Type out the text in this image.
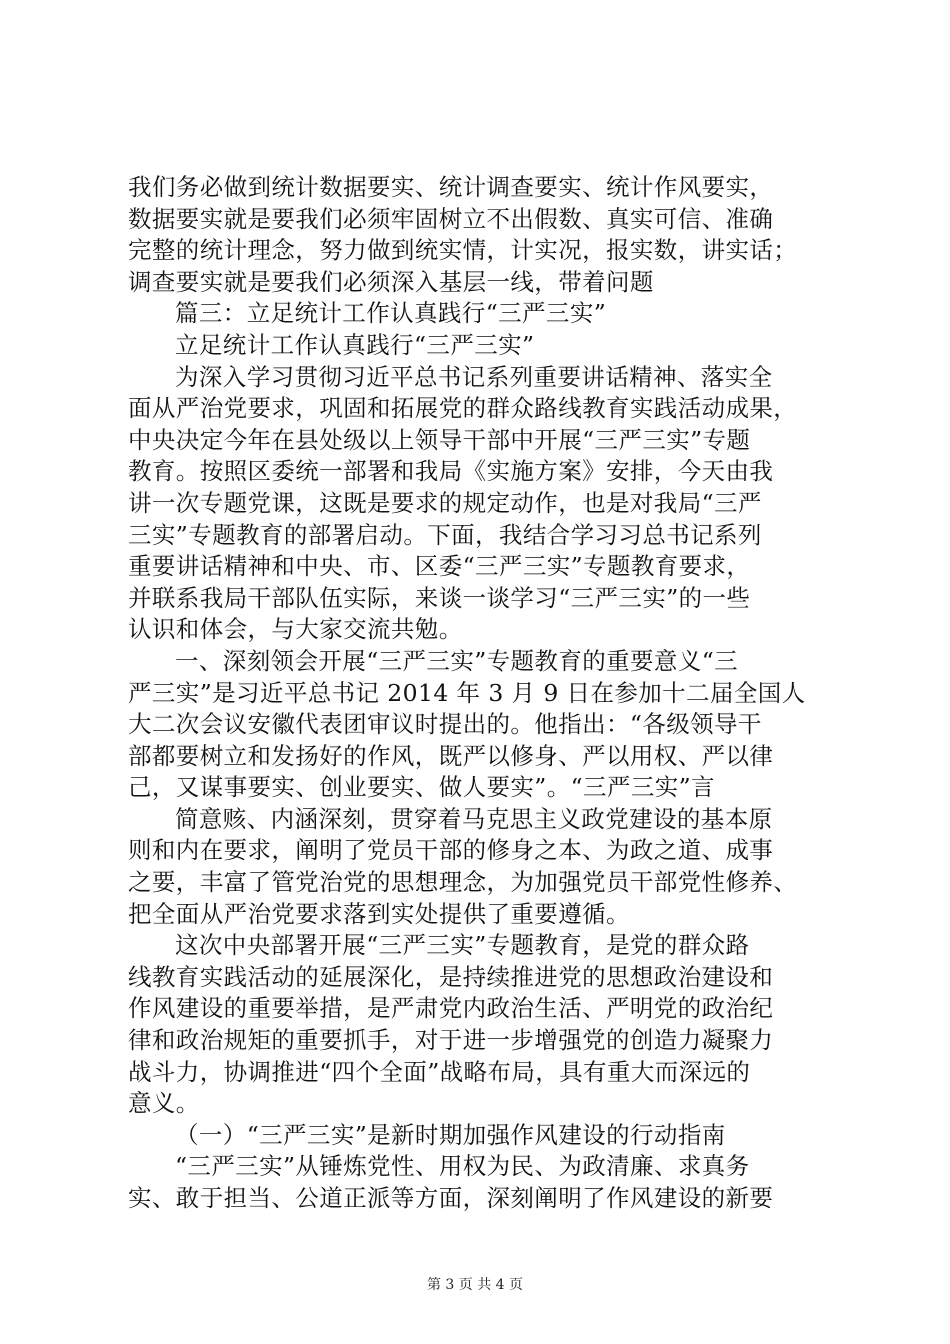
我们务必做到统计数据要实、统计调查要实、统计作风要实，
数据要实就是要我们必须牢固树立不出假数、真实可信、准确
完整的统计理念，努力做到统实情，计实况，报实数，讲实话；
调查要实就是要我们必须深入基层一线，带着问题
篇三：立足统计工作认真践行“三严三实”
立足统计工作认真践行“三严三实”
为深入学习贯彻习近平总书记系列重要讲话精神、落实全
面从严治党要求，巩固和拓展党的群众路线教育实践活动成果，
中央决定今年在县处级以上领导干部中开展“三严三实”专题
教育。按照区委统一部署和我局《实施方案》安排，今天由我
讲一次专题党课，这既是要求的规定动作，也是对我局“三严
三实”专题教育的部署启动。下面，我结合学习习总书记系列
重要讲话精神和中央、市、区委“三严三实”专题教育要求，
并联系我局干部队伍实际，来谈一谈学习“三严三实”的一些
认识和体会，与大家交流共勉。
一、深刻领会开展“三严三实”专题教育的重要意义“三
严三实”是习近平总书记 2014 年 3 月 9 日在参加十二届全国人
大二次会议安徽代表团审议时提出的。他指出：“各级领导干
部都要树立和发扬好的作风，既严以修身、严以用权、严以律
己，又谋事要实、创业要实、做人要实”。“三严三实”言
简意赅、内涵深刻，贯穿着马克思主义政党建设的基本原
则和内在要求，阐明了党员干部的修身之本、为政之道、成事
之要，丰富了管党治党的思想理念，为加强党员干部党性修养、
把全面从严治党要求落到实处提供了重要遵循。
这次中央部署开展“三严三实”专题教育，是党的群众路
线教育实践活动的延展深化，是持续推进党的思想政治建设和
作风建设的重要举措，是严肃党内政治生活、严明党的政治纪
律和政治规矩的重要抓手，对于进一步增强党的创造力凝聚力
战斗力，协调推进“四个全面”战略布局，具有重大而深远的
意义。
（一）“三严三实”是新时期加强作风建设的行动指南
“三严三实”从锤炼党性、用权为民、为政清廉、求真务
实、敢于担当、公道正派等方面，深刻阐明了作风建设的新要
第 3 页 共 4 页
